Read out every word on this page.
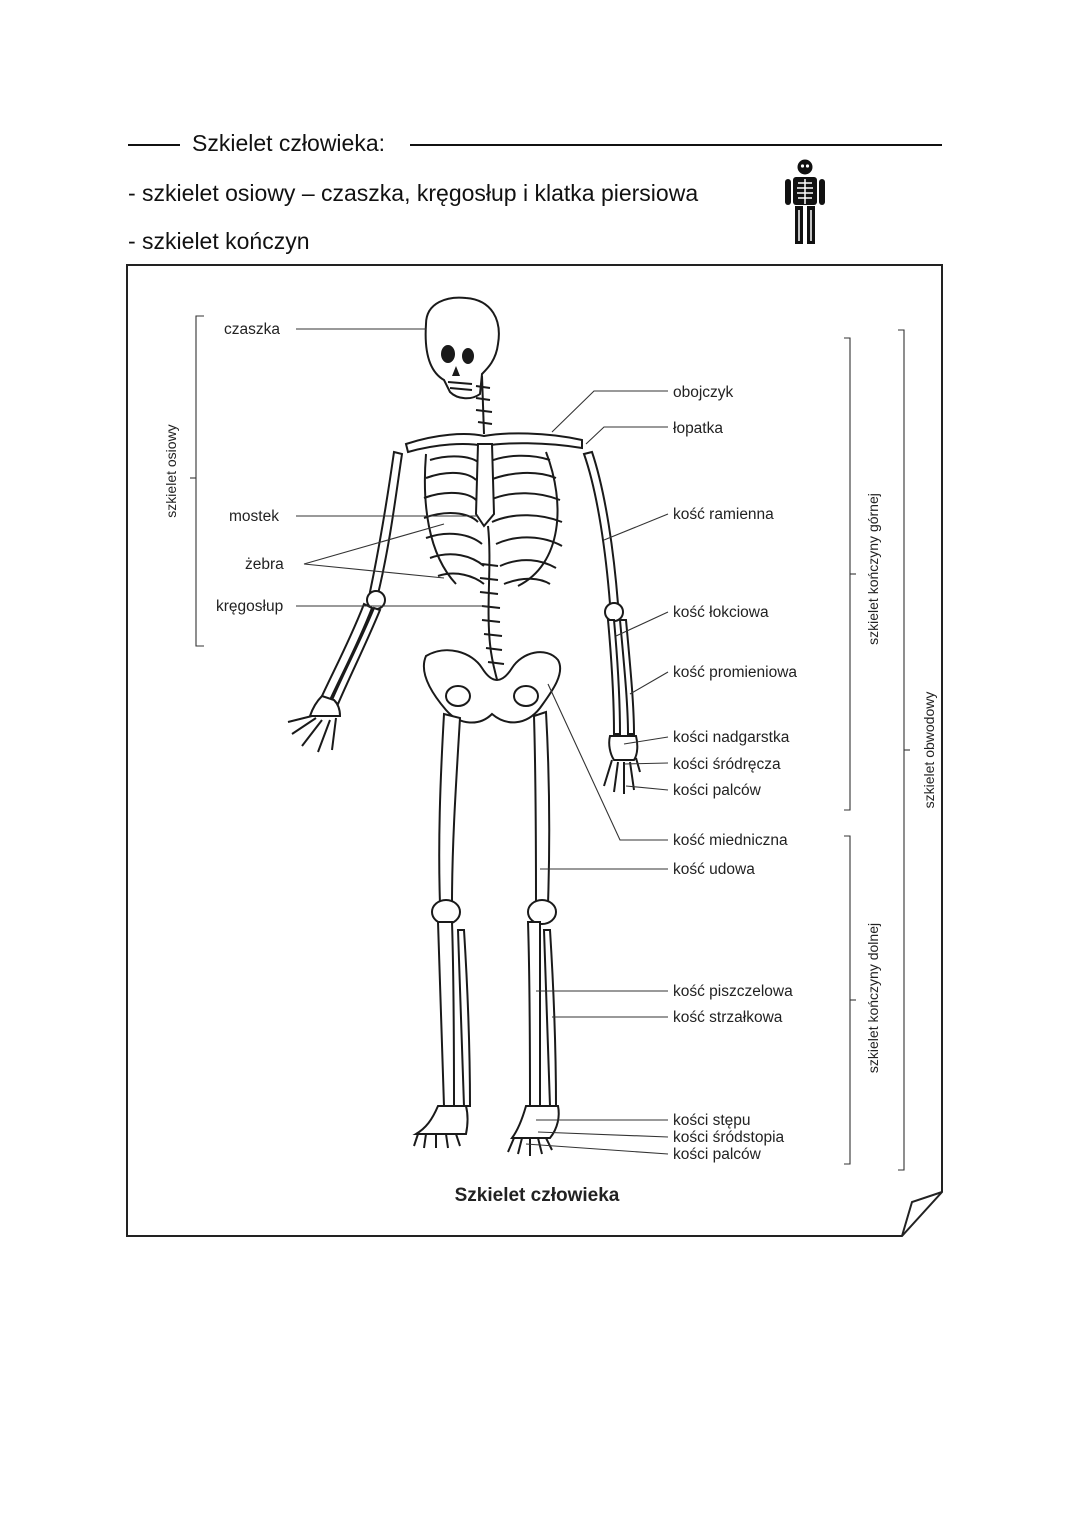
Szkielet człowieka:
- szkielet osiowy – czaszka, kręgosłup i klatka piersiowa
- szkielet kończyn
czaszka
mostek
żebra
kręgosłup
obojczyk
łopatka
kość ramienna
kość łokciowa
kość promieniowa
kości nadgarstka
kości śródręcza
kości palców
kość miedniczna
kość udowa
kość piszczelowa
kość strzałkowa
kości stępu
kości śródstopia
kości palców
szkielet osiowy
szkielet kończyny górnej
szkielet kończyny dolnej
szkielet obwodowy
Szkielet człowieka
